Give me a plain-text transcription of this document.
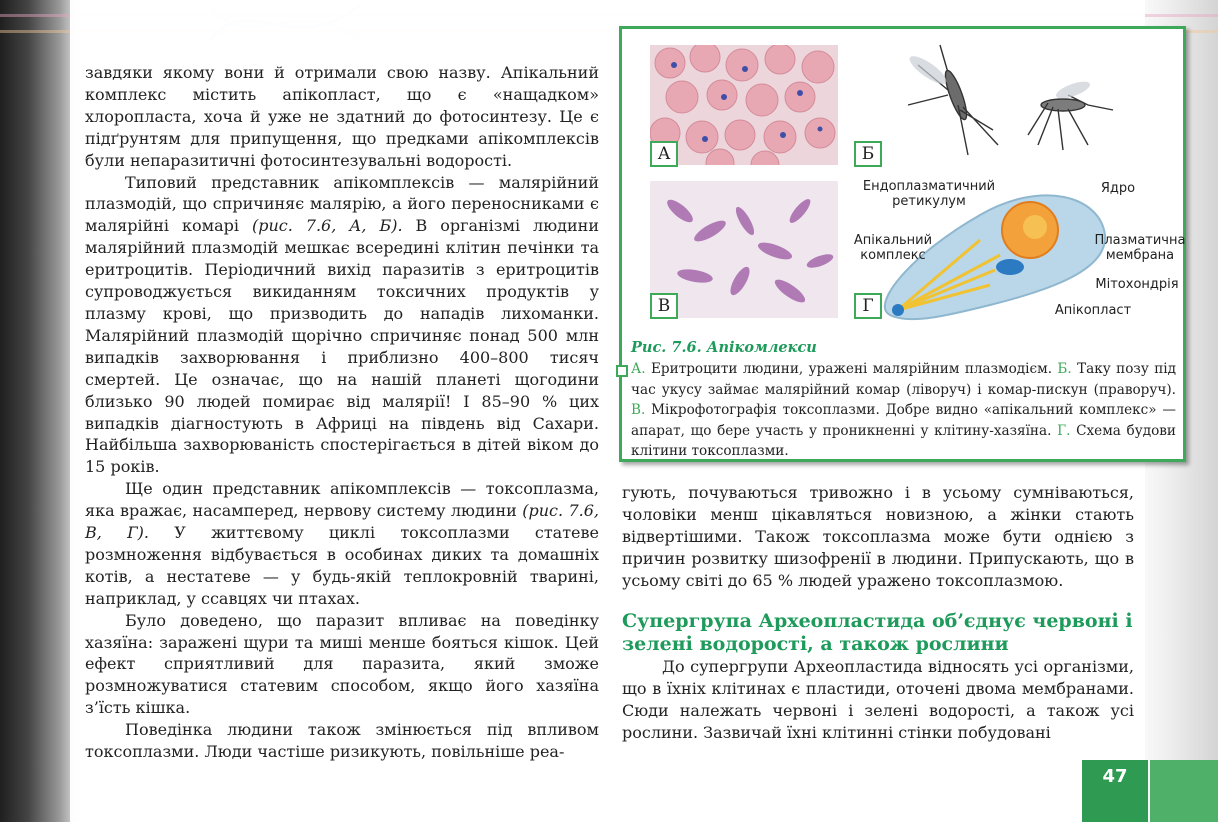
завдяки якому вони й отримали свою назву. Апікальний комплекс містить апікопласт, що є «нащадком» хлоропласта, хоча й уже не здатний до фотосинтезу. Це є підґрунтям для припущення, що предками апікомплексів були непаразитичні фотосинтезувальні водорості.

Типовий представник апікомплексів — малярійний плазмодій, що спричиняє малярію, а його переносниками є малярійні комарі (рис. 7.6, А, Б). В організмі людини малярійний плазмодій мешкає всередині клітин печінки та еритроцитів. Періодичний вихід паразитів з еритроцитів супроводжується викиданням токсичних продуктів у плазму крові, що призводить до нападів лихоманки. Малярійний плазмодій щорічно спричиняє понад 500 млн випадків захворювання і приблизно 400–800 тисяч смертей. Це означає, що на нашій планеті щогодини близько 90 людей помирає від малярії! І 85–90 % цих випадків діагностують в Африці на південь від Сахари. Найбільша захворюваність спостерігається в дітей віком до 15 років.

Ще один представник апікомплексів — токсоплазма, яка вражає, насамперед, нервову систему людини (рис. 7.6, В, Г). У життєвому циклі токсоплазми статеве розмноження відбувається в особинах диких та домашніх котів, а нестатеве — у будь-якій теплокровній тварині, наприклад, у ссавцях чи птахах.

Було доведено, що паразит впливає на поведінку хазяїна: заражені щури та миші менше бояться кішок. Цей ефект сприятливий для паразита, який зможе розмножуватися статевим способом, якщо його хазяїна з’їсть кішка.

Поведінка людини також змінюється під впливом токсоплазми. Люди частіше ризикують, повільніше реа-

Ендоплазматичний ретикулум
Ядро
Апікальний комплекс
Плазматична мембрана
Мітохондрія
Апікопласт
А	Б
В	Г
Рис. 7.6. Апікомлекси
А. Еритроцити людини, уражені малярійним плазмодієм. Б. Таку позу під час укусу займає малярійний комар (ліворуч) і комар-пискун (праворуч). В. Мікрофотографія токсоплазми. Добре видно «апікальний комплекс» — апарат, що бере участь у проникненні у клітину-хазяїна. Г. Схема будови клітини токсоплазми.

гують, почуваються тривожно і в усьому сумніваються, чоловіки менш цікавляться новизною, а жінки стають відвертішими. Також токсоплазма може бути однією з причин розвитку шизофренії в людини. Припускають, що в усьому світі до 65 % людей уражено токсоплазмою.

Супергрупа Археопластида об’єднує червоні і зелені водорості, а також рослини

До супергрупи Археопластида відносять усі організми, що в їхніх клітинах є пластиди, оточені двома мембранами. Сюди належать червоні і зелені водорості, а також усі рослини. Зазвичай їхні клітинні стінки побудовані

47
